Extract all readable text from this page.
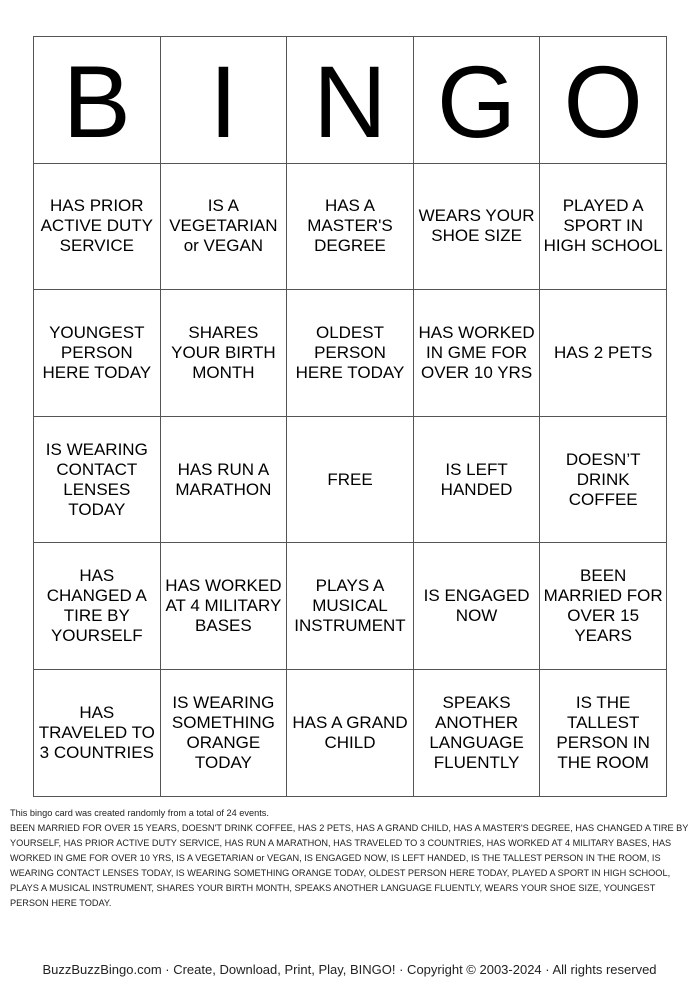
B	I	N	G	O
HAS PRIOR ACTIVE DUTY SERVICE	IS A VEGETARIAN or VEGAN	HAS A MASTER'S DEGREE	WEARS YOUR SHOE SIZE	PLAYED A SPORT IN HIGH SCHOOL
YOUNGEST PERSON HERE TODAY	SHARES YOUR BIRTH MONTH	OLDEST PERSON HERE TODAY	HAS WORKED IN GME FOR OVER 10 YRS	HAS 2 PETS
IS WEARING CONTACT LENSES TODAY	HAS RUN A MARATHON	FREE	IS LEFT HANDED	DOESN’T DRINK COFFEE
HAS CHANGED A TIRE BY YOURSELF	HAS WORKED AT 4 MILITARY BASES	PLAYS A MUSICAL INSTRUMENT	IS ENGAGED NOW	BEEN MARRIED FOR OVER 15 YEARS
HAS TRAVELED TO 3 COUNTRIES	IS WEARING SOMETHING ORANGE TODAY	HAS A GRAND CHILD	SPEAKS ANOTHER LANGUAGE FLUENTLY	IS THE TALLEST PERSON IN THE ROOM
This bingo card was created randomly from a total of 24 events.
BEEN MARRIED FOR OVER 15 YEARS, DOESN'T DRINK COFFEE, HAS 2 PETS, HAS A GRAND CHILD, HAS A MASTER'S DEGREE, HAS CHANGED A TIRE BY YOURSELF, HAS PRIOR ACTIVE DUTY SERVICE, HAS RUN A MARATHON, HAS TRAVELED TO 3 COUNTRIES, HAS WORKED AT 4 MILITARY BASES, HAS WORKED IN GME FOR OVER 10 YRS, IS A VEGETARIAN or VEGAN, IS ENGAGED NOW, IS LEFT HANDED, IS THE TALLEST PERSON IN THE ROOM, IS WEARING CONTACT LENSES TODAY, IS WEARING SOMETHING ORANGE TODAY, OLDEST PERSON HERE TODAY, PLAYED A SPORT IN HIGH SCHOOL, PLAYS A MUSICAL INSTRUMENT, SHARES YOUR BIRTH MONTH, SPEAKS ANOTHER LANGUAGE FLUENTLY, WEARS YOUR SHOE SIZE, YOUNGEST PERSON HERE TODAY.
BuzzBuzzBingo.com · Create, Download, Print, Play, BINGO! · Copyright © 2003-2024 · All rights reserved
